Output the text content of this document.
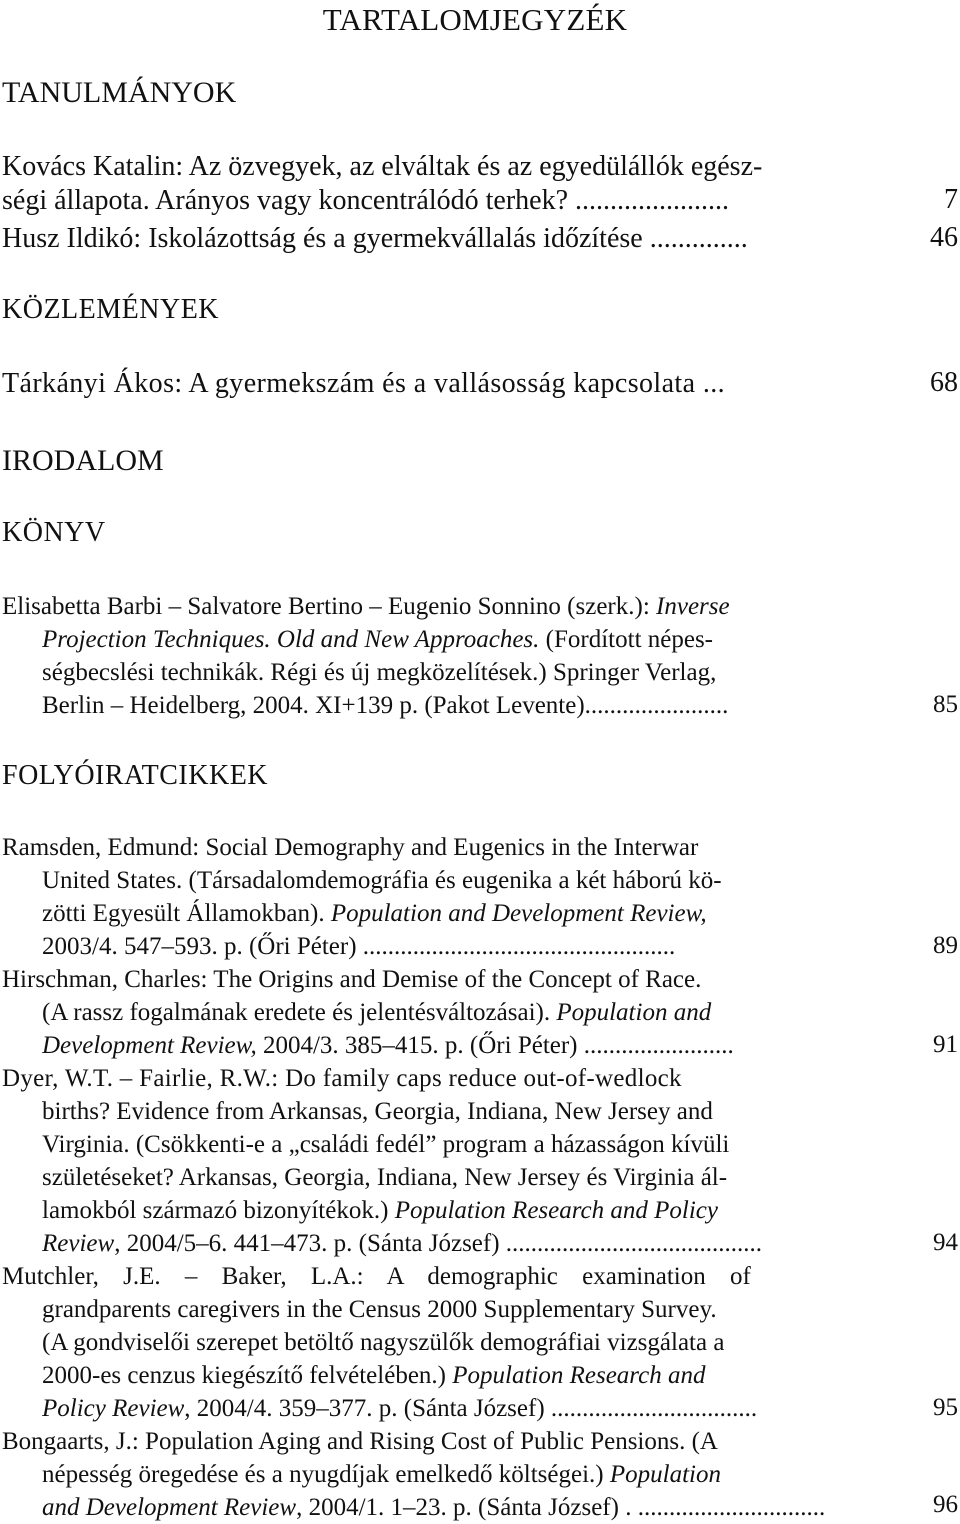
TARTALOMJEGYZÉK
TANULMÁNYOK
Kovács Katalin: Az özvegyek, az elváltak és az egyedülállók egész-
ségi állapota. Arányos vagy koncentrálódó terhek? ......................	7
Husz Ildikó: Iskolázottság és a gyermekvállalás időzítése ..............	46
KÖZLEMÉNYEK
Tárkányi Ákos: A gyermekszám és a vallásosság kapcsolata ...	68
IRODALOM
KÖNYV
Elisabetta Barbi – Salvatore Bertino – Eugenio Sonnino (szerk.): Inverse
Projection Techniques. Old and New Approaches. (Fordított népes-
ségbecslési technikák. Régi és új megközelítések.) Springer Verlag,
Berlin – Heidelberg, 2004. XI+139 p. (Pakot Levente).......................	85
FOLYÓIRATCIKKEK
Ramsden, Edmund: Social Demography and Eugenics in the Interwar
United States. (Társadalomdemográfia és eugenika a két háború kö-
zötti Egyesült Államokban). Population and Development Review,
2003/4. 547–593. p. (Őri Péter) ..................................................	89
Hirschman, Charles: The Origins and Demise of the Concept of Race.
(A rassz fogalmának eredete és jelentésváltozásai). Population and
Development Review, 2004/3. 385–415. p. (Őri Péter) ........................	91
Dyer, W.T. – Fairlie, R.W.: Do family caps reduce out-of-wedlock
births? Evidence from Arkansas, Georgia, Indiana, New Jersey and
Virginia. (Csökkenti-e a „családi fedél” program a házasságon kívüli
születéseket? Arkansas, Georgia, Indiana, New Jersey és Virginia ál-
lamokból származó bizonyítékok.) Population Research and Policy
Review, 2004/5–6. 441–473. p. (Sánta József) .........................................	94
Mutchler, J.E. – Baker, L.A.: A demographic examination of
grandparents caregivers in the Census 2000 Supplementary Survey.
(A gondviselői szerepet betöltő nagyszülők demográfiai vizsgálata a
2000-es cenzus kiegészítő felvételében.) Population Research and
Policy Review, 2004/4. 359–377. p. (Sánta József) .................................	95
Bongaarts, J.: Population Aging and Rising Cost of Public Pensions. (A
népesség öregedése és a nyugdíjak emelkedő költségei.) Population
and Development Review, 2004/1. 1–23. p. (Sánta József) . ..............................	96
